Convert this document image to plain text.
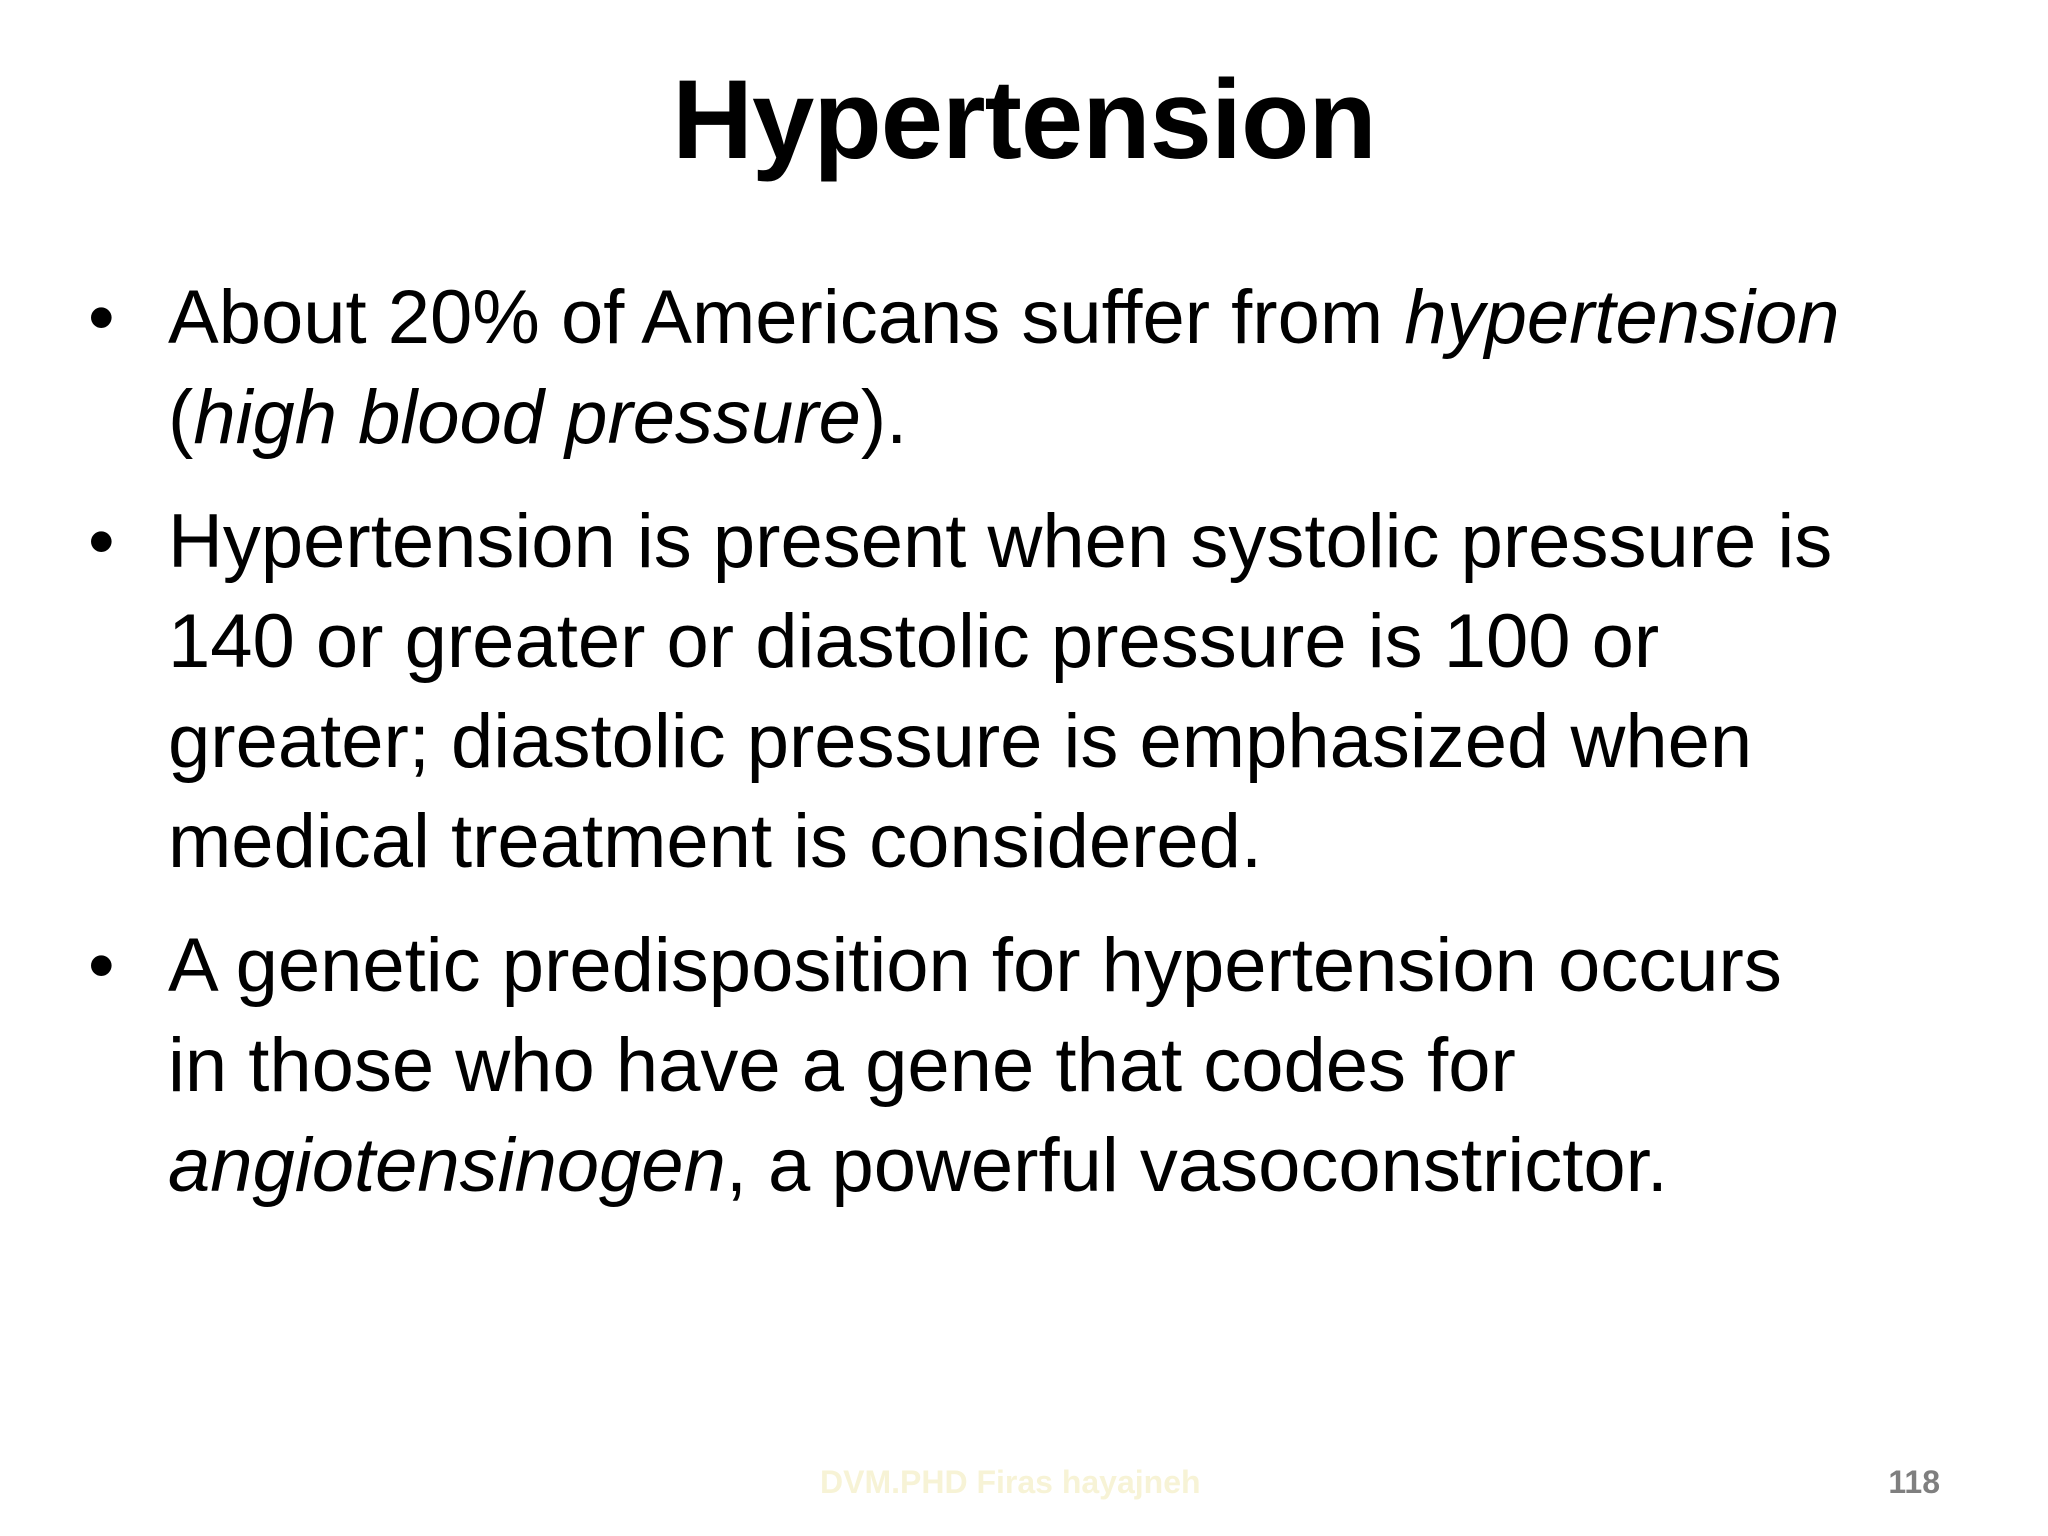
Hypertension
• About 20% of Americans suffer from hypertension
(high blood pressure).
• Hypertension is present when systolic pressure is
140 or greater or diastolic pressure is 100 or
greater; diastolic pressure is emphasized when
medical treatment is considered.
• A genetic predisposition for hypertension occurs
in those who have a gene that codes for
angiotensinogen, a powerful vasoconstrictor.
DVM.PHD Firas hayajneh	118
